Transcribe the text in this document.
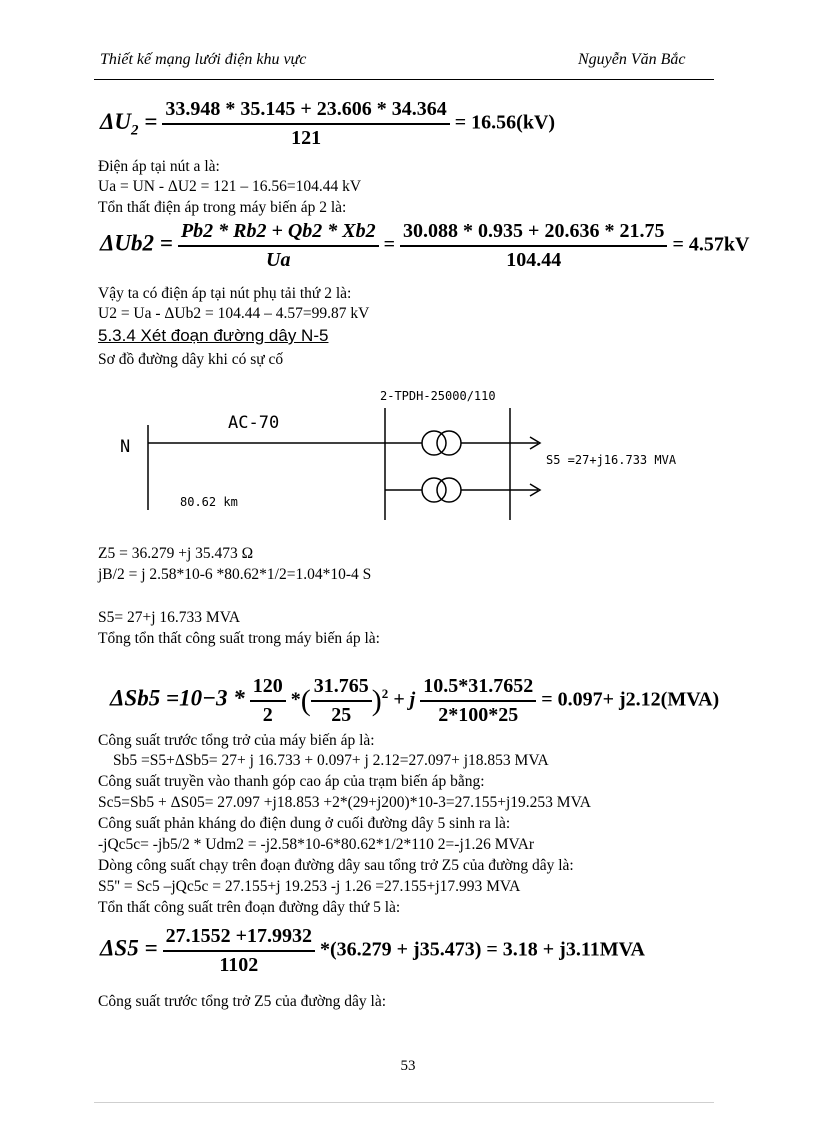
Thiết kế mạng lưới điện khu vực	Nguyễn Văn Bắc
$\Delta U_2 = \frac{33.948 * 35.145 + 23.606 * 34.364}{121} = 16.56(kV)$
Điện áp tại nút a là:
Ua = UN - ΔU2 = 121 – 16.56=104.44 kV
Tổn thất điện áp trong máy biến áp 2 là:
$\Delta Ub2 = \frac{Pb2 * Rb2 + Qb2 * Xb2}{Ua} = \frac{30.088 * 0.935 + 20.636 * 21.75}{104.44} = 4.57kV$
Vậy ta có điện áp tại nút phụ tải thứ 2 là:
U2 = Ua - ΔUb2 = 104.44 – 4.57=99.87 kV
5.3.4 Xét đoạn đường dây N-5
Sơ đồ đường dây khi có sự cố
2-TPDH-25000/110
AC-70
N
80.62 km
S5 =27+j16.733 MVA
Z5 = 36.279 +j 35.473 Ω
jB/2 = j 2.58*10-6 *80.62*1/2=1.04*10-4 S
S5= 27+j 16.733 MVA
Tổng tổn thất công suất trong máy biến áp là:
$\Delta Sb5 =10-3 * \frac{120}{2}$ *( $\frac{31.765}{25} )^2 + j \frac{10.5*31.7652}{2*100*25} = 0.097+ j2.12(MVA)$
Công suất trước tổng trở của máy biến áp là:
Sb5 =S5+ΔSb5= 27+ j 16.733 + 0.097+ j 2.12=27.097+ j18.853 MVA
Công suất truyền vào thanh góp cao áp của trạm biến áp bằng:
Sc5=Sb5 + ΔS05= 27.097 +j18.853 +2*(29+j200)*10-3=27.155+j19.253 MVA
Công suất phản kháng do điện dung ở cuối đường dây 5 sinh ra là:
-jQc5c= -jb5/2 * Udm2 = -j2.58*10-6*80.62*1/2*110 2=-j1.26 MVAr
Dòng công suất chạy trên đoạn đường dây sau tổng trở Z5 của đường dây là:
S5'' = Sc5 –jQc5c = 27.155+j 19.253 -j 1.26 =27.155+j17.993 MVA
Tổn thất công suất trên đoạn đường dây thứ 5 là:
$\Delta S5 = \frac{27.1552 +17.9932}{1102} *(36.279 + j35.473) = 3.18 + j3.11MVA$
Công suất trước tổng trở Z5 của đường dây là:
53
